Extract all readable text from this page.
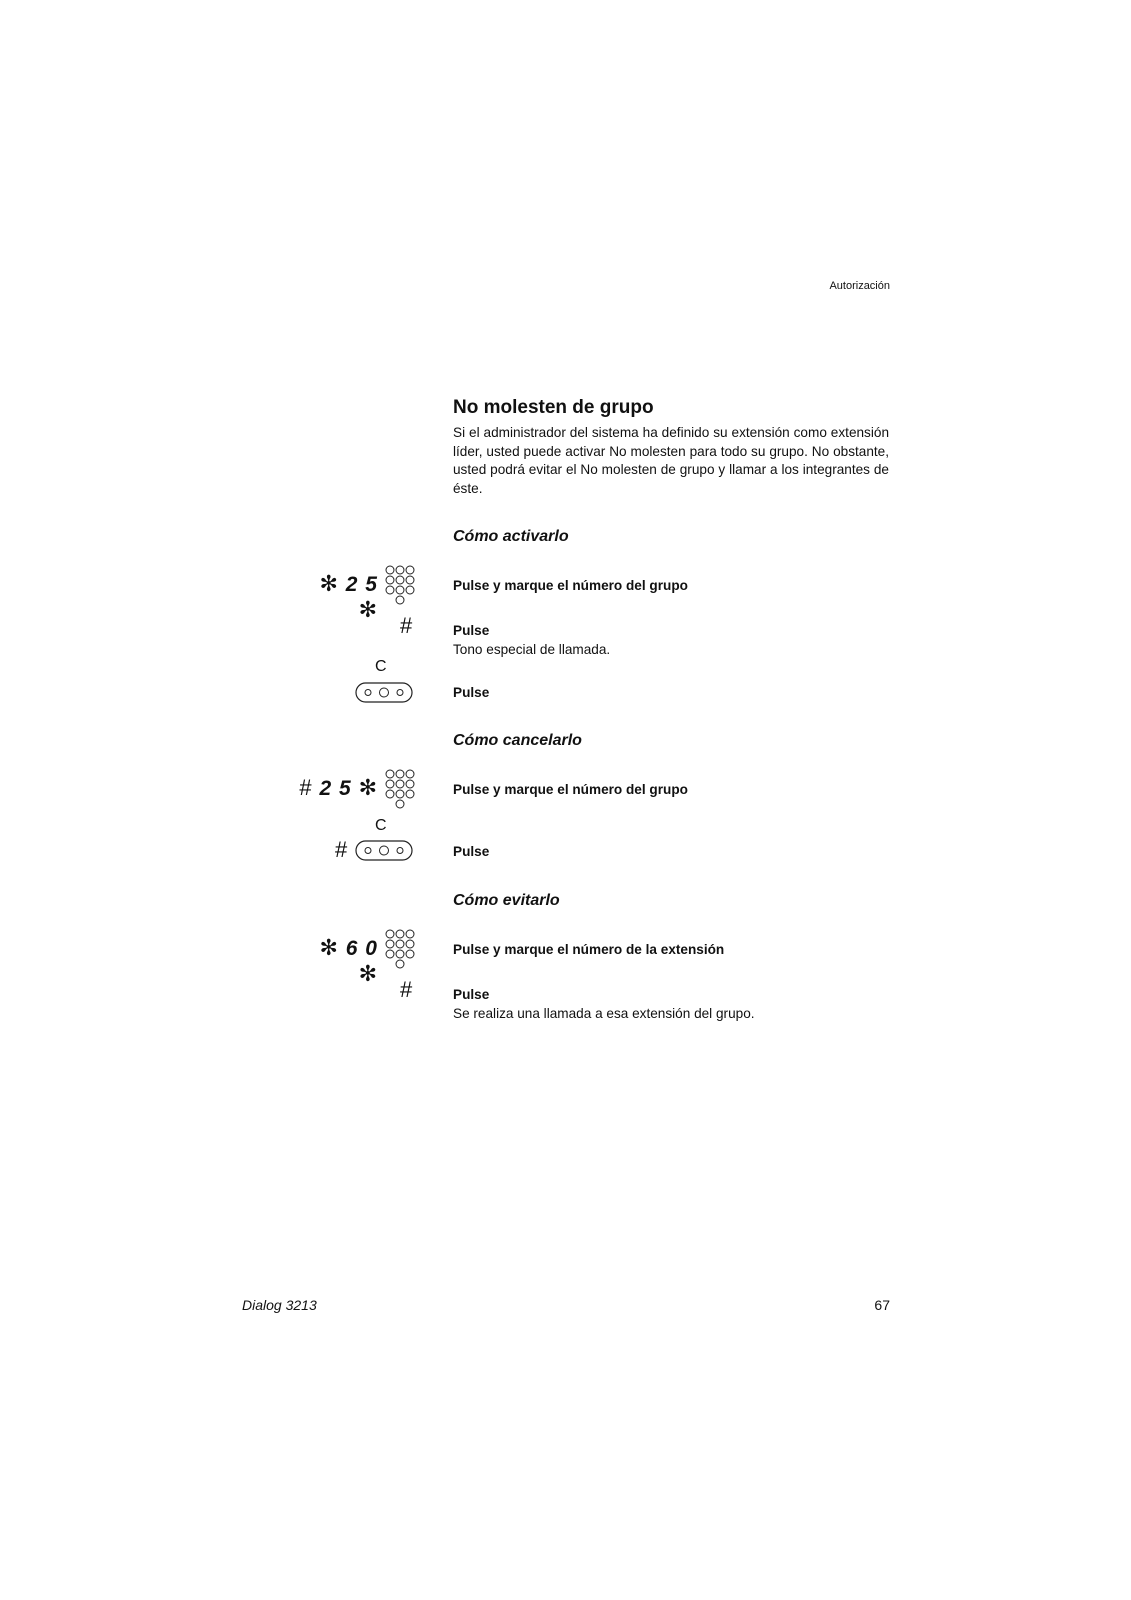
Autorización
No molesten de grupo
Si el administrador del sistema ha definido su extensión como extensión líder, usted puede activar No molesten para todo su grupo. No obstante, usted podrá evitar el No molesten de grupo y llamar a los integrantes de éste.
Cómo activarlo
✻ 2 5 ✻
Pulse y marque el número del grupo
#	Pulse
Tono especial de llamada.
C
Pulse
Cómo cancelarlo
# 2 5 ✻	Pulse y marque el número del grupo
C
#	Pulse
Cómo evitarlo
✻ 6 0 ✻
Pulse y marque el número de la extensión
#	Pulse
Se realiza una llamada a esa extensión del grupo.
Dialog 3213	67
